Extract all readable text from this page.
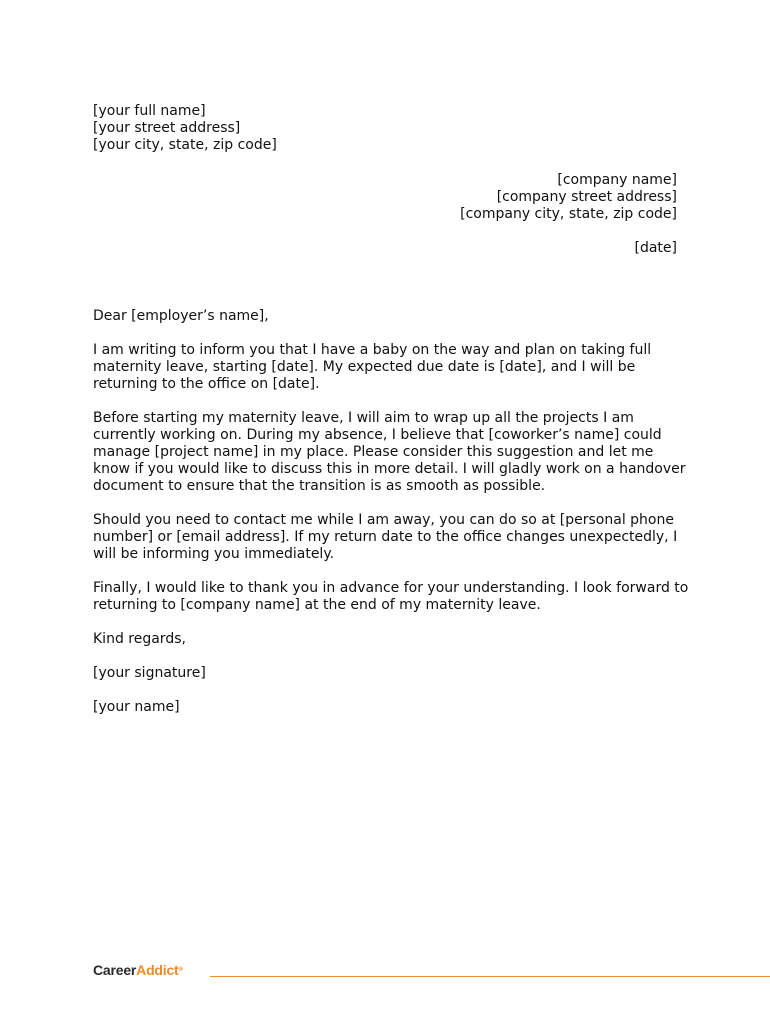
[your full name]
[your street address]
[your city, state, zip code]
[company name]
[company street address]
[company city, state, zip code]
[date]

Dear [employer’s name],

I am writing to inform you that I have a baby on the way and plan on taking full maternity leave, starting [date]. My expected due date is [date], and I will be returning to the office on [date].

Before starting my maternity leave, I will aim to wrap up all the projects I am currently working on. During my absence, I believe that [coworker’s name] could manage [project name] in my place. Please consider this suggestion and let me know if you would like to discuss this in more detail. I will gladly work on a handover document to ensure that the transition is as smooth as possible.

Should you need to contact me while I am away, you can do so at [personal phone number] or [email address]. If my return date to the office changes unexpectedly, I will be informing you immediately.

Finally, I would like to thank you in advance for your understanding. I look forward to returning to [company name] at the end of my maternity leave.

Kind regards,

[your signature]

[your name]

CareerAddict®
